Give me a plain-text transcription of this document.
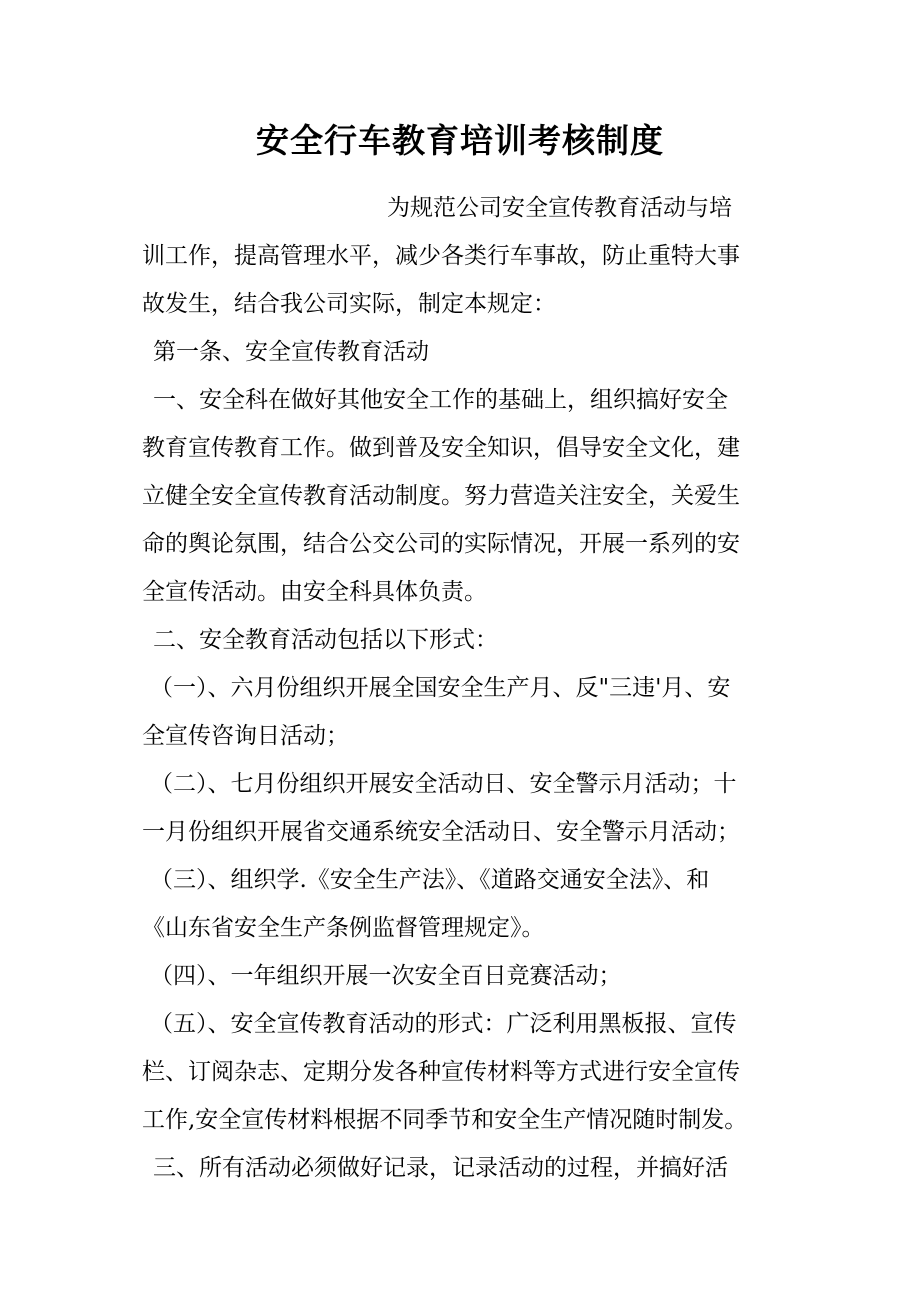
安全行车教育培训考核制度
为规范公司安全宣传教育活动与培
训工作，提高管理水平，减少各类行车事故，防止重特大事
故发生，结合我公司实际，制定本规定：
第一条、安全宣传教育活动
一、安全科在做好其他安全工作的基础上，组织搞好安全
教育宣传教育工作。做到普及安全知识，倡导安全文化，建
立健全安全宣传教育活动制度。努力营造关注安全，关爱生
命的舆论氛围，结合公交公司的实际情况，开展一系列的安
全宣传活动。由安全科具体负责。
二、安全教育活动包括以下形式：
（一）、六月份组织开展全国安全生产月、反"三违'月、安
全宣传咨询日活动；
（二）、七月份组织开展安全活动日、安全警示月活动；十
一月份组织开展省交通系统安全活动日、安全警示月活动；
（三）、组织学.《安全生产法》、《道路交通安全法》、和
《山东省安全生产条例监督管理规定》。
（四）、一年组织开展一次安全百日竞赛活动；
（五）、安全宣传教育活动的形式：广泛利用黑板报、宣传
栏、订阅杂志、定期分发各种宣传材料等方式进行安全宣传
工作,安全宣传材料根据不同季节和安全生产情况随时制发。
三、所有活动必须做好记录，记录活动的过程，并搞好活
